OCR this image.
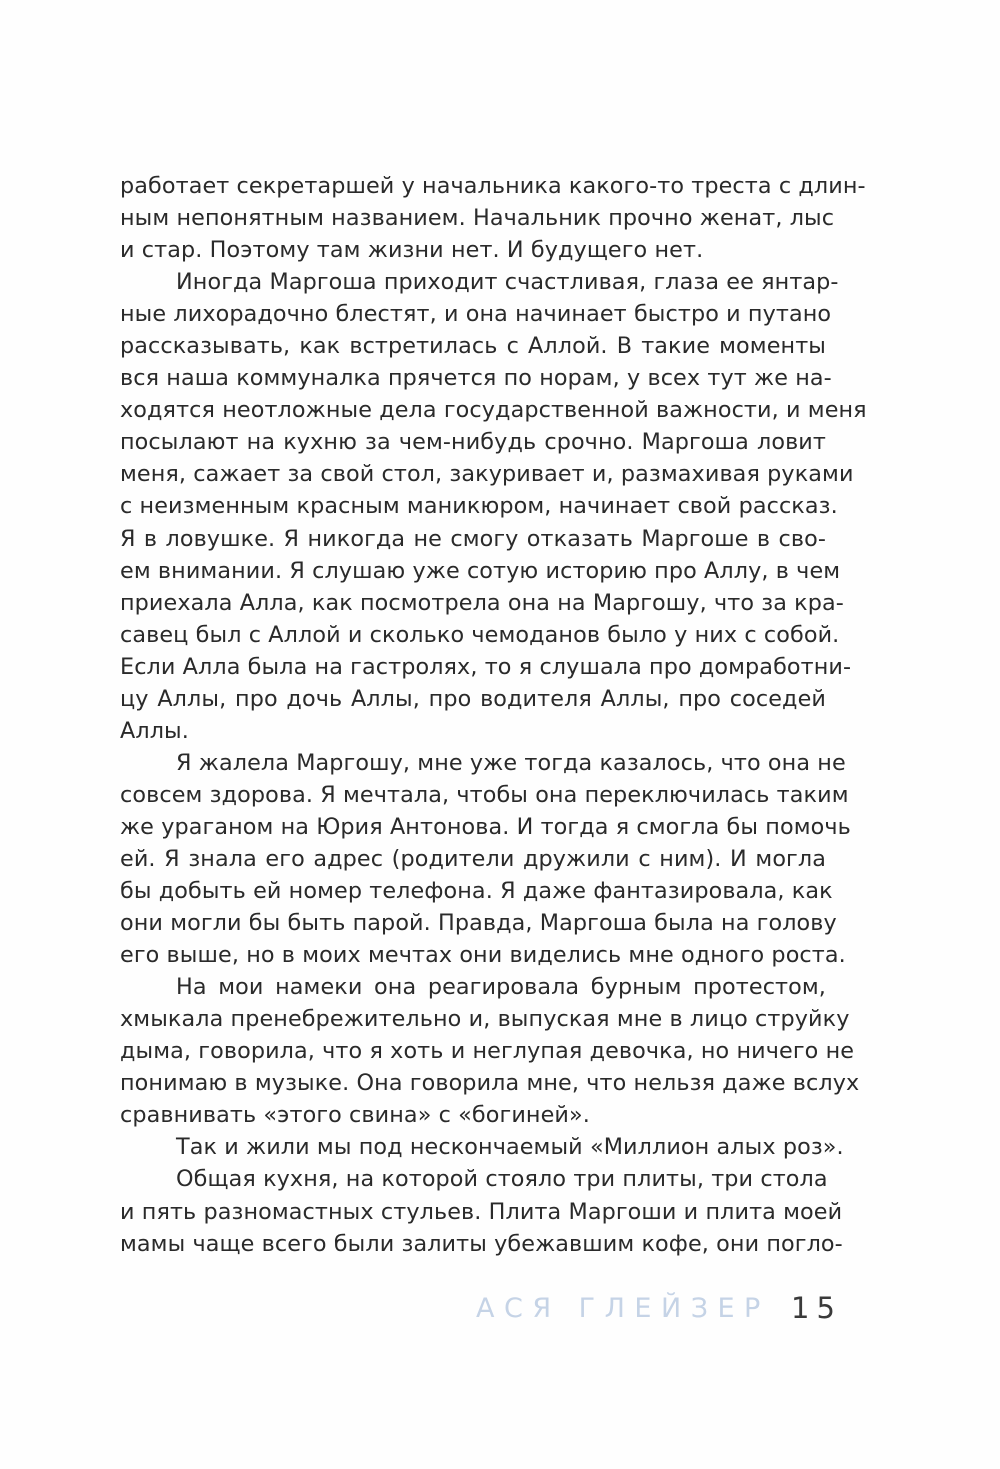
работает секретаршей у начальника какого-то треста с длин-
ным непонятным названием. Начальник прочно женат, лыс
и стар. Поэтому там жизни нет. И будущего нет.
Иногда Маргоша приходит счастливая, глаза ее янтар-
ные лихорадочно блестят, и она начинает быстро и путано
рассказывать, как встретилась с Аллой. В такие моменты
вся наша коммуналка прячется по норам, у всех тут же на-
ходятся неотложные дела государственной важности, и меня
посылают на кухню за чем-нибудь срочно. Маргоша ловит
меня, сажает за свой стол, закуривает и, размахивая руками
с неизменным красным маникюром, начинает свой рассказ.
Я в ловушке. Я никогда не смогу отказать Маргоше в сво-
ем внимании. Я слушаю уже сотую историю про Аллу, в чем
приехала Алла, как посмотрела она на Маргошу, что за кра-
савец был с Аллой и сколько чемоданов было у них с собой.
Если Алла была на гастролях, то я слушала про домработни-
цу Аллы, про дочь Аллы, про водителя Аллы, про соседей
Аллы.
Я жалела Маргошу, мне уже тогда казалось, что она не
совсем здорова. Я мечтала, чтобы она переключилась таким
же ураганом на Юрия Антонова. И тогда я смогла бы помочь
ей. Я знала его адрес (родители дружили с ним). И могла
бы добыть ей номер телефона. Я даже фантазировала, как
они могли бы быть парой. Правда, Маргоша была на голову
его выше, но в моих мечтах они виделись мне одного роста.
На мои намеки она реагировала бурным протестом,
хмыкала пренебрежительно и, выпуская мне в лицо струйку
дыма, говорила, что я хоть и неглупая девочка, но ничего не
понимаю в музыке. Она говорила мне, что нельзя даже вслух
сравнивать «этого свина» с «богиней».
Так и жили мы под нескончаемый «Миллион алых роз».
Общая кухня, на которой стояло три плиты, три стола
и пять разномастных стульев. Плита Маргоши и плита моей
мамы чаще всего были залиты убежавшим кофе, они погло-
АСЯ ГЛЕЙЗЕР 15
